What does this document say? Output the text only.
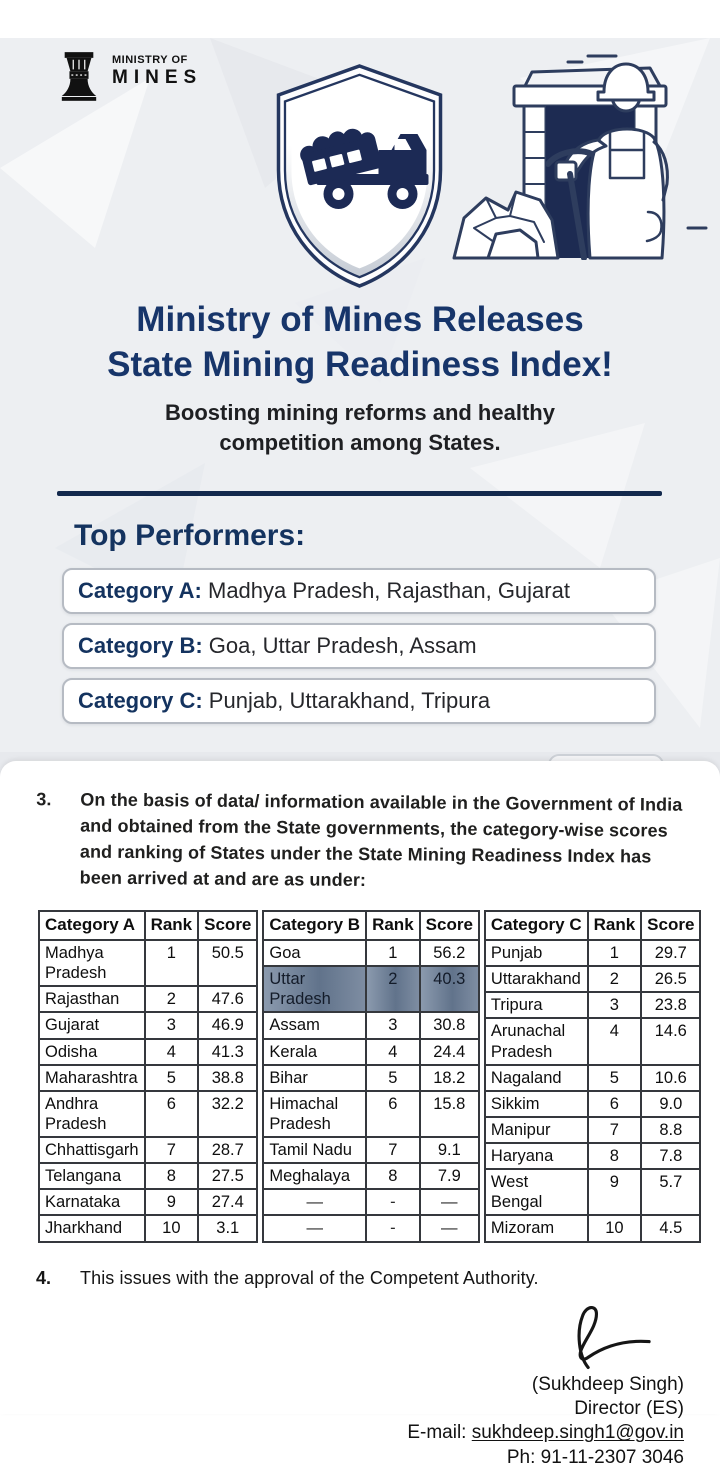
MINISTRY OF
MINES
Ministry of Mines Releases
State Mining Readiness Index!
Boosting mining reforms and healthy
competition among States.
Top Performers:
Category A: Madhya Pradesh, Rajasthan, Gujarat
Category B: Goa, Uttar Pradesh, Assam
Category C: Punjab, Uttarakhand, Tripura
3.	On the basis of data/ information available in the Government of India and obtained from the State governments, the category-wise scores and ranking of States under the State Mining Readiness Index has been arrived at and are as under:
Category A	Rank	Score
Madhya Pradesh	1	50.5
Rajasthan	2	47.6
Gujarat	3	46.9
Odisha	4	41.3
Maharashtra	5	38.8
Andhra Pradesh	6	32.2
Chhattisgarh	7	28.7
Telangana	8	27.5
Karnataka	9	27.4
Jharkhand	10	3.1
Category B	Rank	Score
Goa	1	56.2
Uttar Pradesh	2	40.3
Assam	3	30.8
Kerala	4	24.4
Bihar	5	18.2
Himachal Pradesh	6	15.8
Tamil Nadu	7	9.1
Meghalaya	8	7.9
—	-	—
—	-	—
Category C	Rank	Score
Punjab	1	29.7
Uttarakhand	2	26.5
Tripura	3	23.8
Arunachal Pradesh	4	14.6
Nagaland	5	10.6
Sikkim	6	9.0
Manipur	7	8.8
Haryana	8	7.8
West Bengal	9	5.7
Mizoram	10	4.5
4.	This issues with the approval of the Competent Authority.
(Sukhdeep Singh)
Director (ES)
E-mail: sukhdeep.singh1@gov.in
Ph: 91-11-2307 3046
